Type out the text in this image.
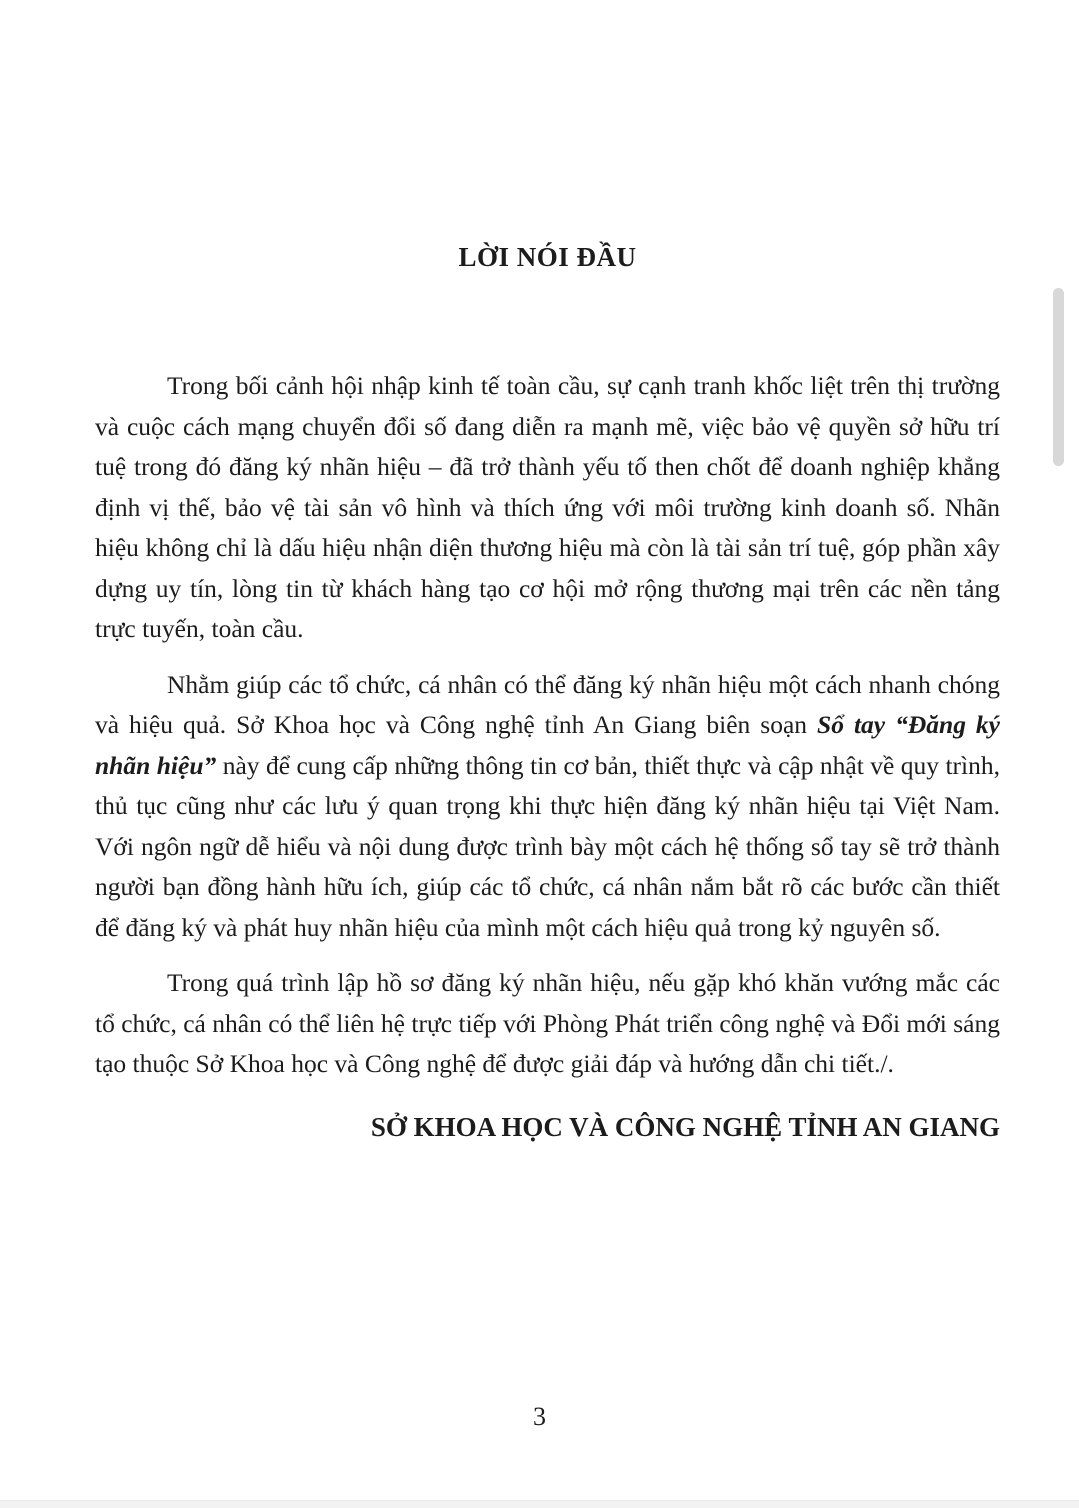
LỜI NÓI ĐẦU

Trong bối cảnh hội nhập kinh tế toàn cầu, sự cạnh tranh khốc liệt trên thị trường và cuộc cách mạng chuyển đổi số đang diễn ra mạnh mẽ, việc bảo vệ quyền sở hữu trí tuệ trong đó đăng ký nhãn hiệu – đã trở thành yếu tố then chốt để doanh nghiệp khẳng định vị thế, bảo vệ tài sản vô hình và thích ứng với môi trường kinh doanh số. Nhãn hiệu không chỉ là dấu hiệu nhận diện thương hiệu mà còn là tài sản trí tuệ, góp phần xây dựng uy tín, lòng tin từ khách hàng tạo cơ hội mở rộng thương mại trên các nền tảng trực tuyến, toàn cầu.

Nhằm giúp các tổ chức, cá nhân có thể đăng ký nhãn hiệu một cách nhanh chóng và hiệu quả. Sở Khoa học và Công nghệ tỉnh An Giang biên soạn Sổ tay “Đăng ký nhãn hiệu” này để cung cấp những thông tin cơ bản, thiết thực và cập nhật về quy trình, thủ tục cũng như các lưu ý quan trọng khi thực hiện đăng ký nhãn hiệu tại Việt Nam. Với ngôn ngữ dễ hiểu và nội dung được trình bày một cách hệ thống sổ tay sẽ trở thành người bạn đồng hành hữu ích, giúp các tổ chức, cá nhân nắm bắt rõ các bước cần thiết để đăng ký và phát huy nhãn hiệu của mình một cách hiệu quả trong kỷ nguyên số.

Trong quá trình lập hồ sơ đăng ký nhãn hiệu, nếu gặp khó khăn vướng mắc các tổ chức, cá nhân có thể liên hệ trực tiếp với Phòng Phát triển công nghệ và Đổi mới sáng tạo thuộc Sở Khoa học và Công nghệ để được giải đáp và hướng dẫn chi tiết./.

SỞ KHOA HỌC VÀ CÔNG NGHỆ TỈNH AN GIANG
3
